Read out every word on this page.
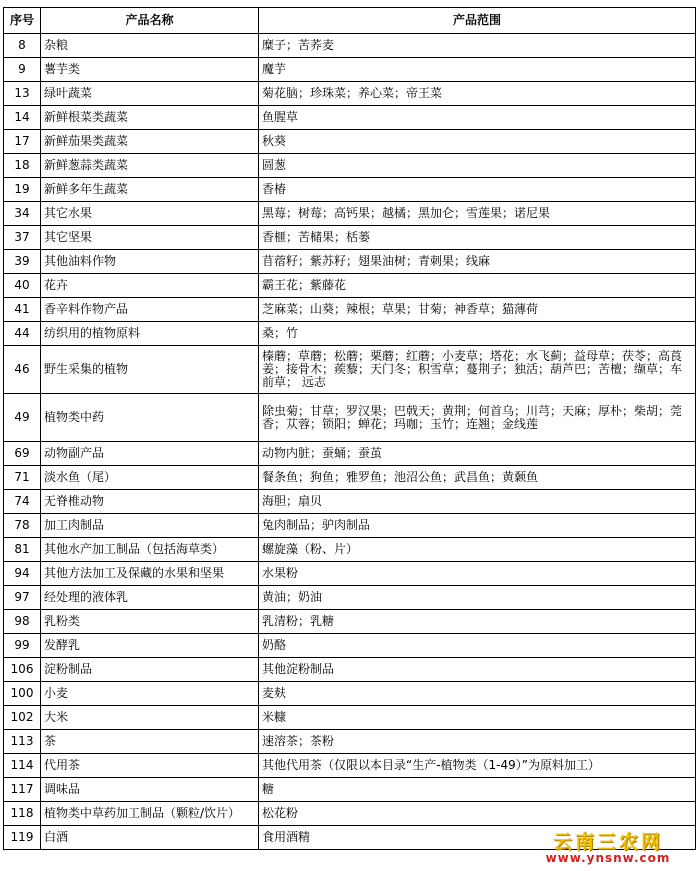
序号	产品名称	产品范围
8	杂粮	糜子；苦荞麦
9	薯芋类	魔芋
13	绿叶蔬菜	菊花脑；珍珠菜；养心菜；帝王菜
14	新鲜根菜类蔬菜	鱼腥草
17	新鲜茄果类蔬菜	秋葵
18	新鲜葱蒜类蔬菜	圆葱
19	新鲜多年生蔬菜	香椿
34	其它水果	黑莓；树莓；高钙果；越橘；黑加仑；雪莲果；诺尼果
37	其它坚果	香榧；苦槠果；栝蒌
39	其他油料作物	苜蓿籽；紫苏籽；翅果油树；青刺果；线麻
40	花卉	霸王花；紫藤花
41	香辛料作物产品	芝麻菜；山葵；辣根；草果；甘菊；神香草；猫薄荷
44	纺织用的植物原料	桑；竹
46	野生采集的植物	榛蘑；草蘑；松蘑；栗蘑；红蘑；小麦草；塔花；水飞蓟；益母草；茯苓；高莨姜；接骨木；蒺藜；天门冬；积雪草；蔓荆子；独活；葫芦巴；苦檀；缬草；车前草； 远志
49	植物类中药	除虫菊；甘草；罗汉果；巴戟天；黄荆；何首乌；川芎；天麻；厚朴；柴胡；莞香；苁蓉；锁阳；蝉花；玛咖；玉竹；连翘；金线莲
69	动物副产品	动物内脏；蚕蛹；蚕茧
71	淡水鱼（尾）	餐条鱼；狗鱼；雅罗鱼；池沼公鱼；武昌鱼；黄颡鱼
74	无脊椎动物	海胆；扇贝
78	加工肉制品	兔肉制品；驴肉制品
81	其他水产加工制品（包括海草类）	螺旋藻（粉、片）
94	其他方法加工及保藏的水果和坚果	水果粉
97	经处理的液体乳	黄油；奶油
98	乳粉类	乳清粉；乳糖
99	发酵乳	奶酪
106	淀粉制品	其他淀粉制品
100	小麦	麦麸
102	大米	米糠
113	茶	速溶茶；茶粉
114	代用茶	其他代用茶（仅限以本目录“生产-植物类（1-49）”为原料加工）
117	调味品	糖
118	植物类中草药加工制品（颗粒/饮片）	松花粉
119	白酒	食用酒精	云南三农网
www.ynsnw.com
